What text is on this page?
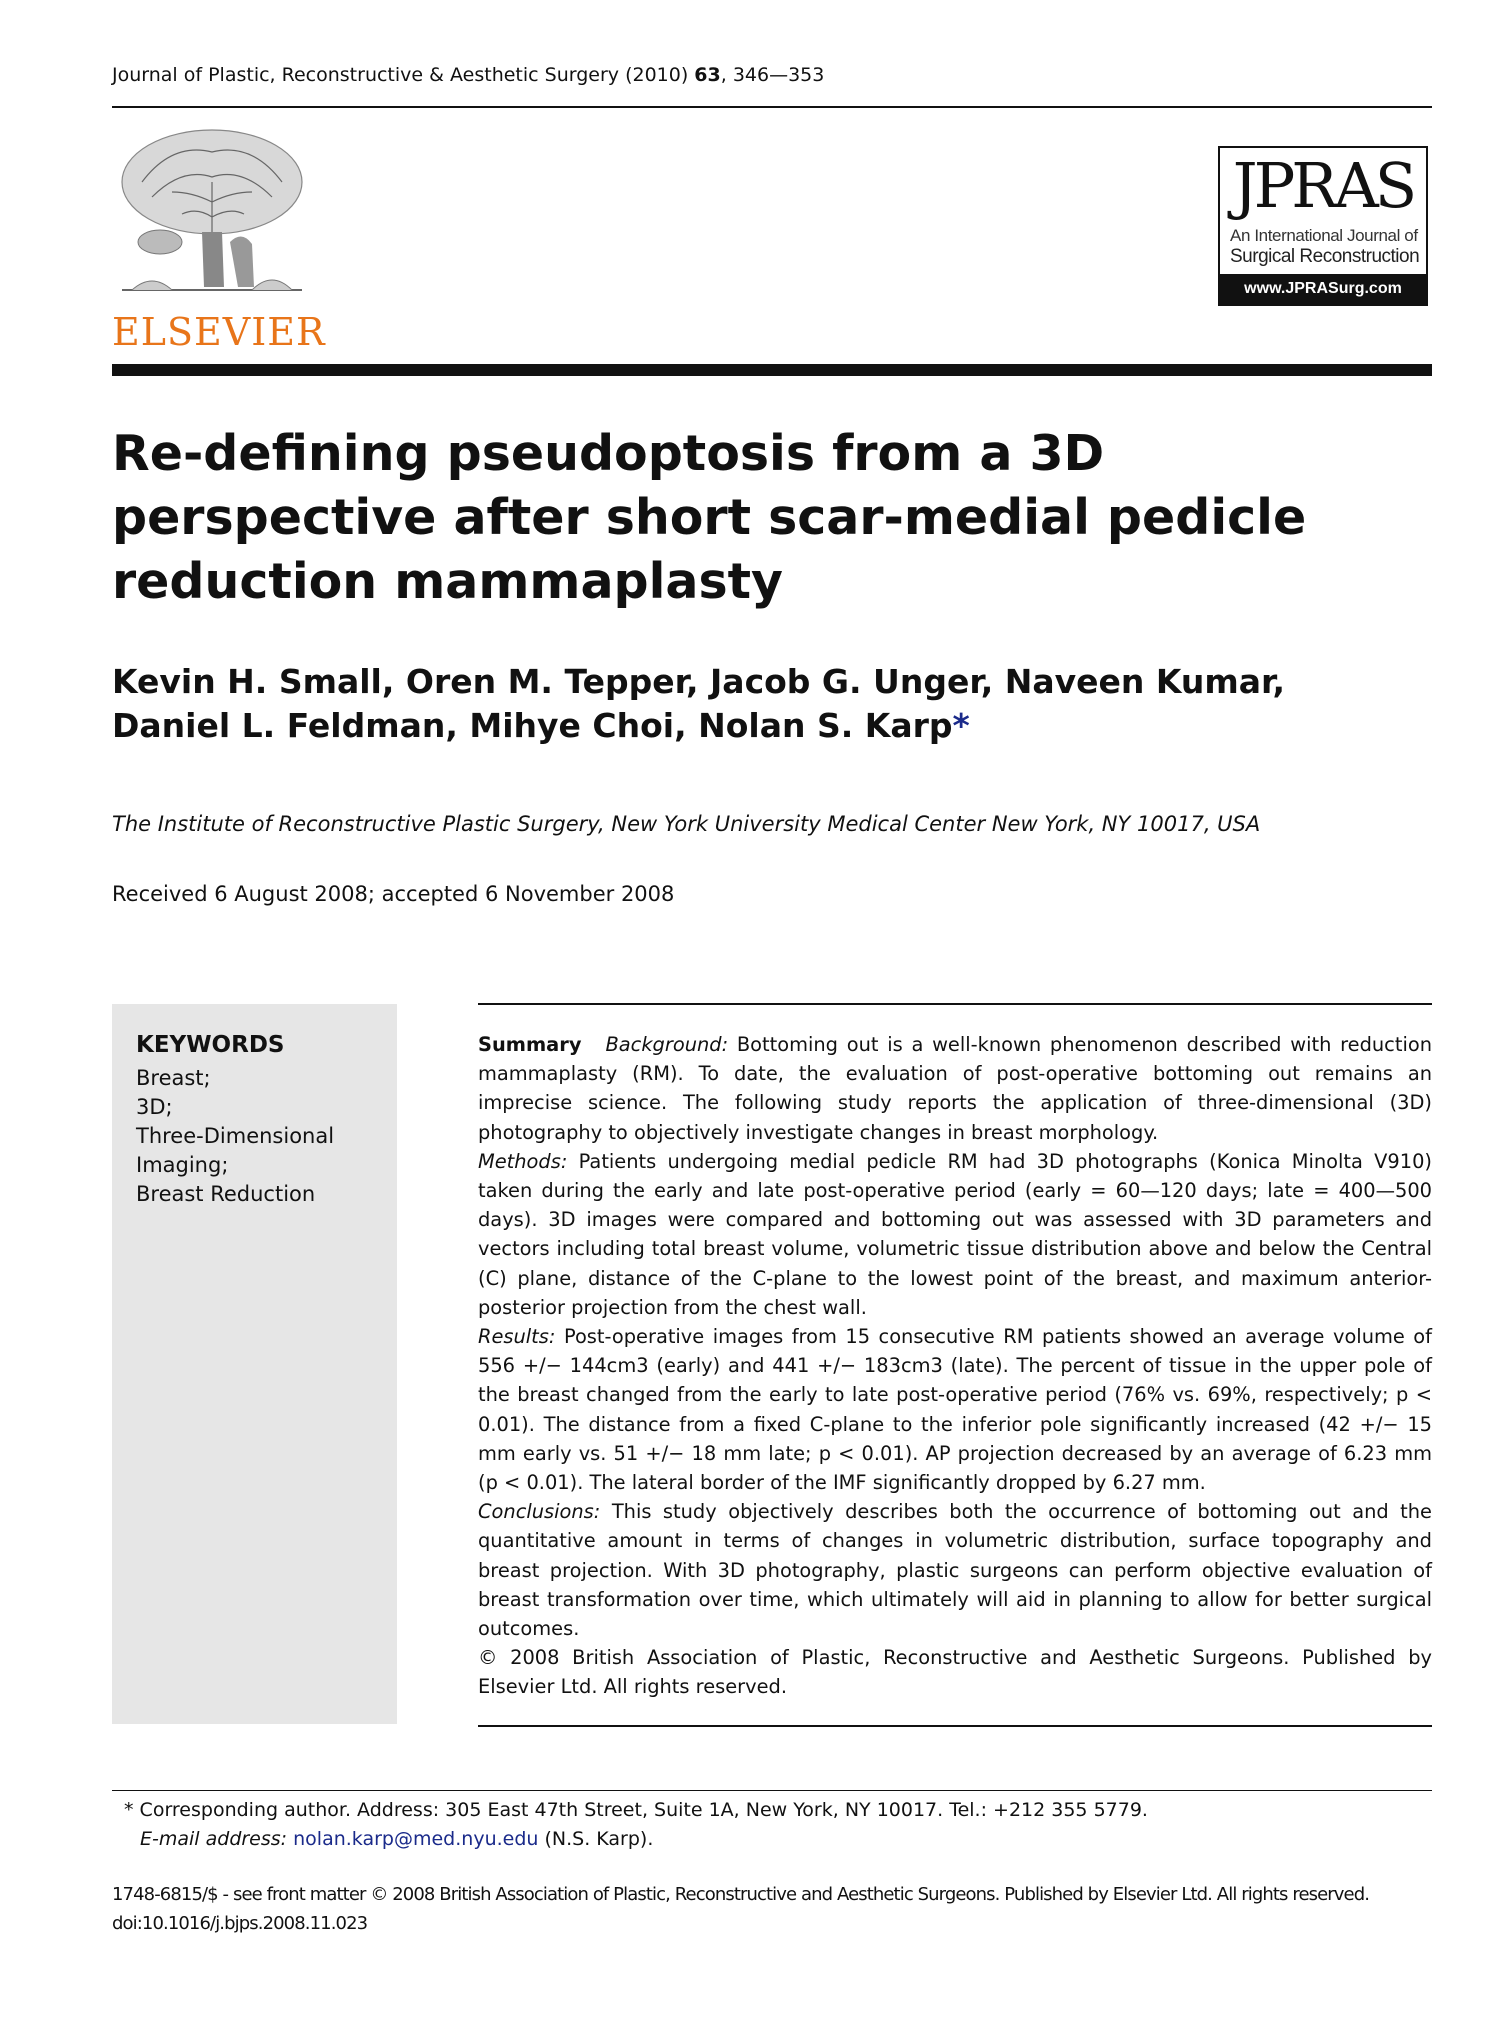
Journal of Plastic, Reconstructive & Aesthetic Surgery (2010) 63, 346—353
ELSEVIER
JPRAS
An International Journal of
Surgical Reconstruction
www.JPRASurg.com
Re-defining pseudoptosis from a 3D perspective after short scar-medial pedicle reduction mammaplasty
Kevin H. Small, Oren M. Tepper, Jacob G. Unger, Naveen Kumar,
Daniel L. Feldman, Mihye Choi, Nolan S. Karp*
The Institute of Reconstructive Plastic Surgery, New York University Medical Center New York, NY 10017, USA
Received 6 August 2008; accepted 6 November 2008
KEYWORDS
Breast;
3D;
Three-Dimensional
Imaging;
Breast Reduction

Summary Background: Bottoming out is a well-known phenomenon described with reduction mammaplasty (RM). To date, the evaluation of post-operative bottoming out remains an imprecise science. The following study reports the application of three-dimensional (3D) photography to objectively investigate changes in breast morphology.

Methods: Patients undergoing medial pedicle RM had 3D photographs (Konica Minolta V910) taken during the early and late post-operative period (early = 60—120 days; late = 400—500 days). 3D images were compared and bottoming out was assessed with 3D parameters and vectors including total breast volume, volumetric tissue distribution above and below the Central (C) plane, distance of the C-plane to the lowest point of the breast, and maximum anterior-posterior projection from the chest wall.

Results: Post-operative images from 15 consecutive RM patients showed an average volume of 556 +/− 144cm3 (early) and 441 +/− 183cm3 (late). The percent of tissue in the upper pole of the breast changed from the early to late post-operative period (76% vs. 69%, respectively; p < 0.01). The distance from a fixed C-plane to the inferior pole significantly increased (42 +/− 15 mm early vs. 51 +/− 18 mm late; p < 0.01). AP projection decreased by an average of 6.23 mm (p < 0.01). The lateral border of the IMF significantly dropped by 6.27 mm.

Conclusions: This study objectively describes both the occurrence of bottoming out and the quantitative amount in terms of changes in volumetric distribution, surface topography and breast projection. With 3D photography, plastic surgeons can perform objective evaluation of breast transformation over time, which ultimately will aid in planning to allow for better surgical outcomes.

© 2008 British Association of Plastic, Reconstructive and Aesthetic Surgeons. Published by Elsevier Ltd. All rights reserved.

* Corresponding author. Address: 305 East 47th Street, Suite 1A, New York, NY 10017. Tel.: +212 355 5779.
E-mail address: nolan.karp@med.nyu.edu (N.S. Karp).
1748-6815/$ - see front matter © 2008 British Association of Plastic, Reconstructive and Aesthetic Surgeons. Published by Elsevier Ltd. All rights reserved.
doi:10.1016/j.bjps.2008.11.023
